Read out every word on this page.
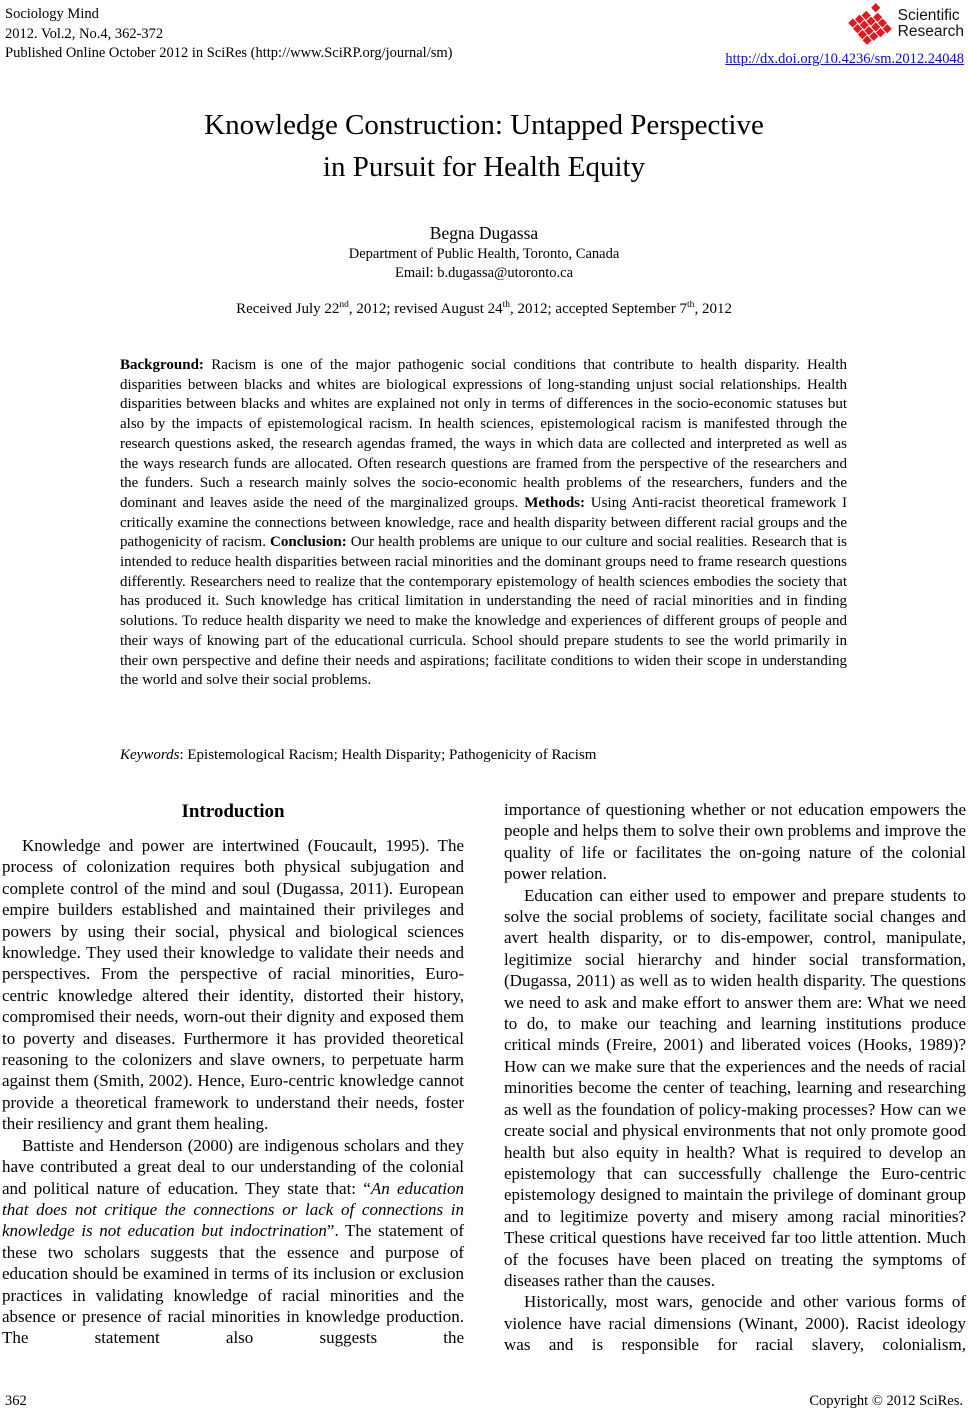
Sociology Mind
2012. Vol.2, No.4, 362-372
Published Online October 2012 in SciRes (http://www.SciRP.org/journal/sm)
Scientific
Research
http://dx.doi.org/10.4236/sm.2012.24048
Knowledge Construction: Untapped Perspective
in Pursuit for Health Equity
Begna Dugassa
Department of Public Health, Toronto, Canada
Email: b.dugassa@utoronto.ca
Received July 22nd, 2012; revised August 24th, 2012; accepted September 7th, 2012
Background: Racism is one of the major pathogenic social conditions that contribute to health disparity. Health disparities between blacks and whites are biological expressions of long-standing unjust social relationships. Health disparities between blacks and whites are explained not only in terms of differences in the socio-economic statuses but also by the impacts of epistemological racism. In health sciences, epistemological racism is manifested through the research questions asked, the research agendas framed, the ways in which data are collected and interpreted as well as the ways research funds are allocated. Often research questions are framed from the perspective of the researchers and the funders. Such a research mainly solves the socio-economic health problems of the researchers, funders and the dominant and leaves aside the need of the marginalized groups. Methods: Using Anti-racist theoretical framework I critically examine the connections between knowledge, race and health disparity between different racial groups and the pathogenicity of racism. Conclusion: Our health problems are unique to our culture and social realities. Research that is intended to reduce health disparities between racial minorities and the dominant groups need to frame research questions differently. Researchers need to realize that the contemporary epistemology of health sciences embodies the society that has produced it. Such knowledge has critical limitation in understanding the need of racial minorities and in finding solutions. To reduce health disparity we need to make the knowledge and experiences of different groups of people and their ways of knowing part of the educational curricula. School should prepare students to see the world primarily in their own perspective and define their needs and aspirations; facilitate conditions to widen their scope in understanding the world and solve their social problems.
Keywords: Epistemological Racism; Health Disparity; Pathogenicity of Racism
Introduction

Knowledge and power are intertwined (Foucault, 1995). The process of colonization requires both physical subjugation and complete control of the mind and soul (Dugassa, 2011). European empire builders established and maintained their privileges and powers by using their social, physical and biological sciences knowledge. They used their knowledge to validate their needs and perspectives. From the perspective of racial minorities, Euro-centric knowledge altered their identity, distorted their history, compromised their needs, worn-out their dignity and exposed them to poverty and diseases. Furthermore it has provided theoretical reasoning to the colonizers and slave owners, to perpetuate harm against them (Smith, 2002). Hence, Euro-centric knowledge cannot provide a theoretical framework to understand their needs, foster their resiliency and grant them healing.

Battiste and Henderson (2000) are indigenous scholars and they have contributed a great deal to our understanding of the colonial and political nature of education. They state that: “An education that does not critique the connections or lack of connections in knowledge is not education but indoctrination”. The statement of these two scholars suggests that the essence and purpose of education should be examined in terms of its inclusion or exclusion practices in validating knowledge of racial minorities and the absence or presence of racial minorities in knowledge production. The statement also suggests the

importance of questioning whether or not education empowers the people and helps them to solve their own problems and improve the quality of life or facilitates the on-going nature of the colonial power relation.

Education can either used to empower and prepare students to solve the social problems of society, facilitate social changes and avert health disparity, or to dis-empower, control, manipulate, legitimize social hierarchy and hinder social transformation, (Dugassa, 2011) as well as to widen health disparity. The questions we need to ask and make effort to answer them are: What we need to do, to make our teaching and learning institutions produce critical minds (Freire, 2001) and liberated voices (Hooks, 1989)? How can we make sure that the experiences and the needs of racial minorities become the center of teaching, learning and researching as well as the foundation of policy-making processes? How can we create social and physical environments that not only promote good health but also equity in health? What is required to develop an epistemology that can successfully challenge the Euro-centric epistemology designed to maintain the privilege of dominant group and to legitimize poverty and misery among racial minorities? These critical questions have received far too little attention. Much of the focuses have been placed on treating the symptoms of diseases rather than the causes.

Historically, most wars, genocide and other various forms of violence have racial dimensions (Winant, 2000). Racist ideology was and is responsible for racial slavery, colonialism,

362	Copyright © 2012 SciRes.
